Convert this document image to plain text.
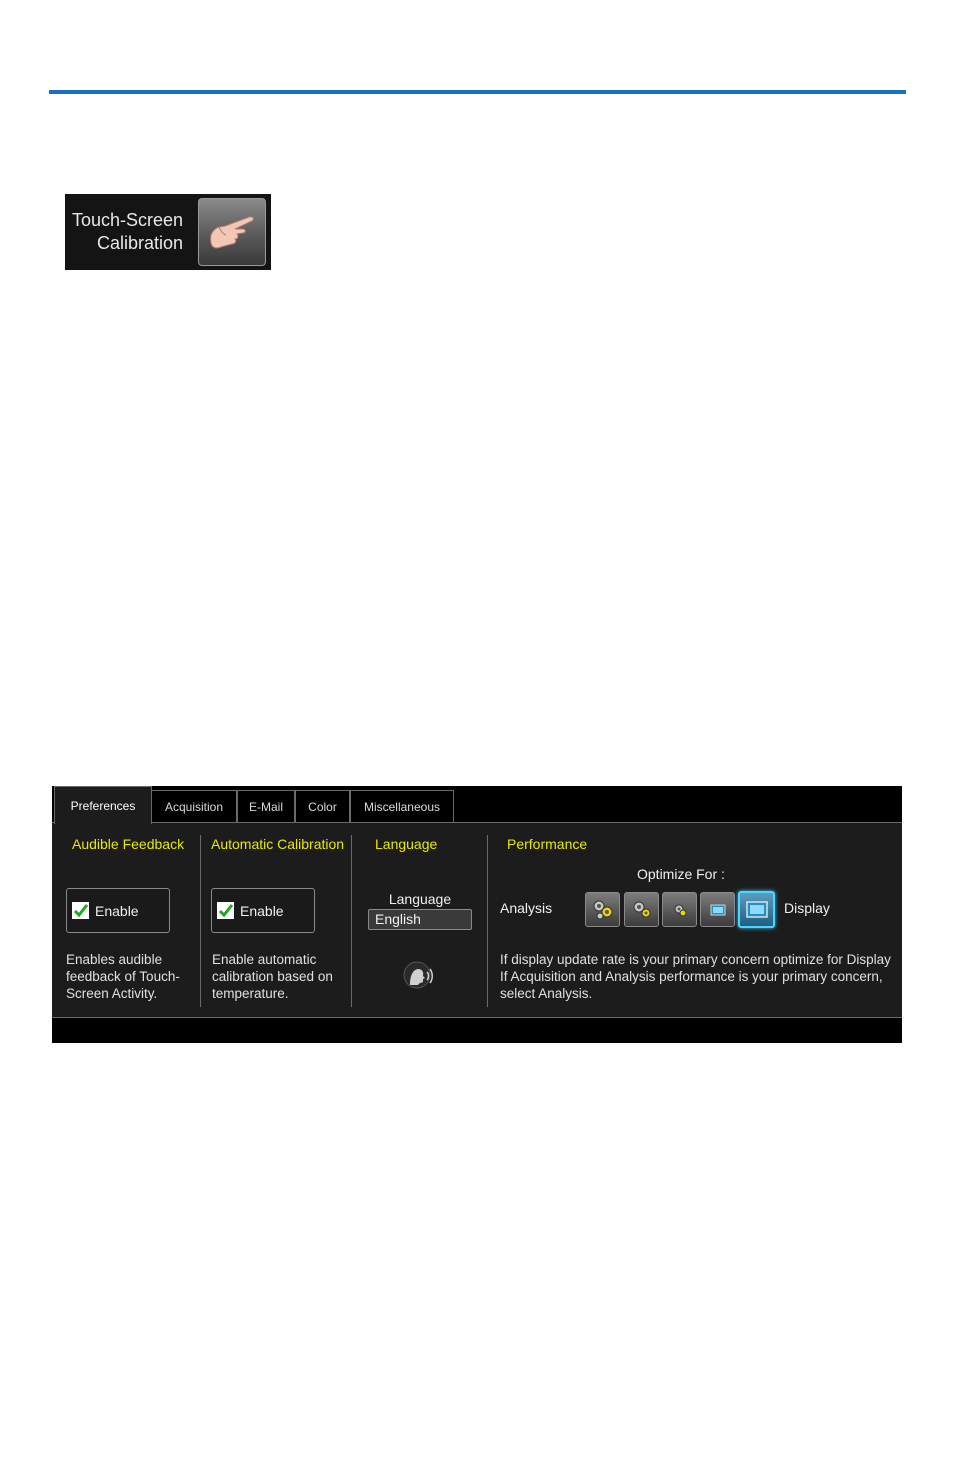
Touch-Screen
Calibration
Preferences	Acquisition	E-Mail	Color	Miscellaneous
Audible Feedback
Enable
Enables audible
feedback of Touch-
Screen Activity.
Automatic Calibration
Enable
Enable automatic
calibration based on
temperature.
Language
Language
English
Performance
Optimize For :
Analysis	Display
If display update rate is your primary concern optimize for Display
If Acquisition and Analysis performance is your primary concern,
select Analysis.
